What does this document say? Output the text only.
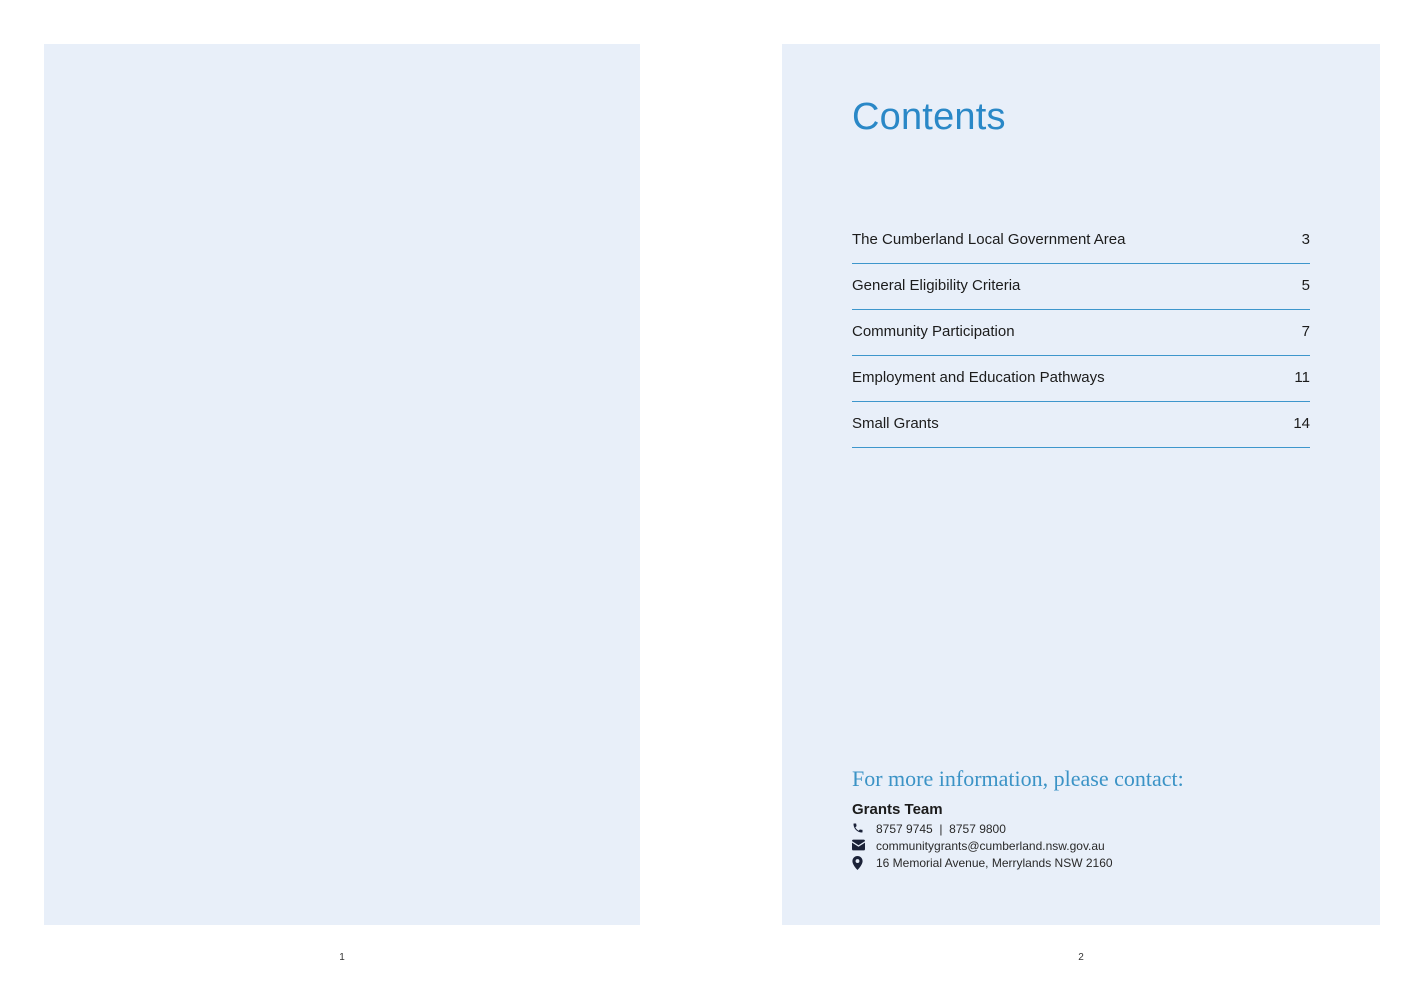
1
Contents
The Cumberland Local Government Area	3
General Eligibility Criteria	5
Community Participation	7
Employment and Education Pathways	11
Small Grants	14
For more information, please contact:
Grants Team
8757 9745  |  8757 9800
communitygrants@cumberland.nsw.gov.au
16 Memorial Avenue, Merrylands NSW 2160
2
